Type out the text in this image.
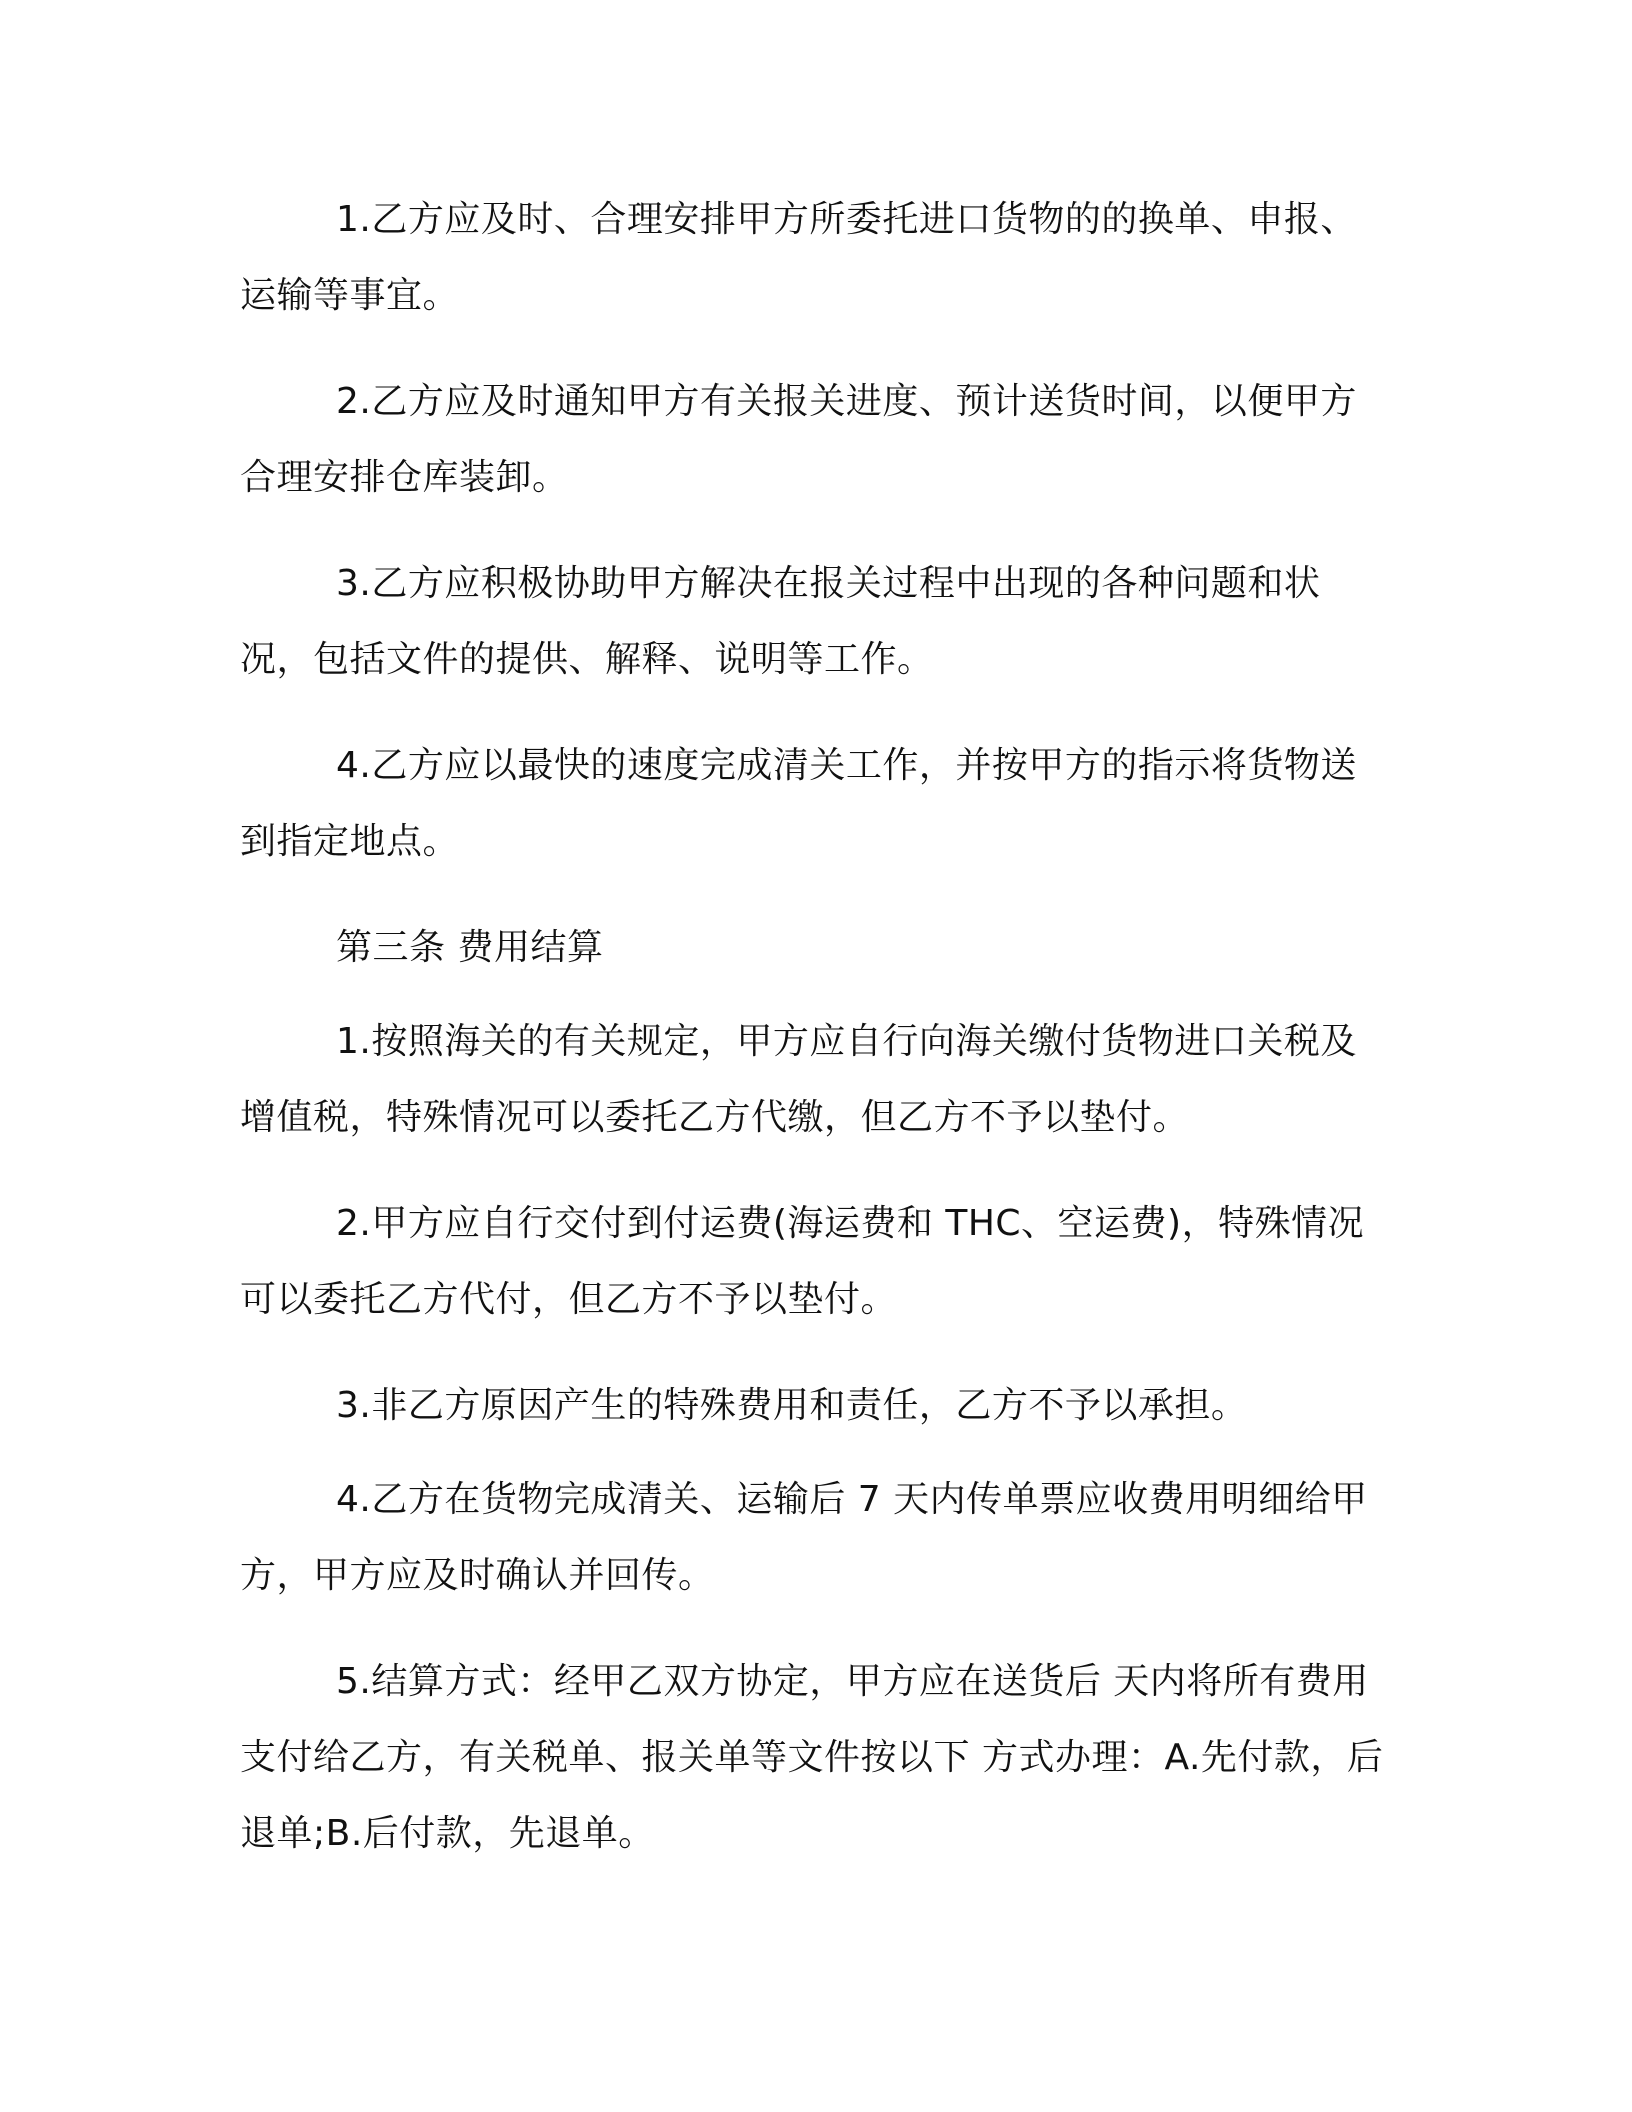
1.乙方应及时、合理安排甲方所委托进口货物的的换单、申报、运输等事宜。

2.乙方应及时通知甲方有关报关进度、预计送货时间，以便甲方合理安排仓库装卸。

3.乙方应积极协助甲方解决在报关过程中出现的各种问题和状况，包括文件的提供、解释、说明等工作。

4.乙方应以最快的速度完成清关工作，并按甲方的指示将货物送到指定地点。

第三条 费用结算

1.按照海关的有关规定，甲方应自行向海关缴付货物进口关税及增值税，特殊情况可以委托乙方代缴，但乙方不予以垫付。

2.甲方应自行交付到付运费(海运费和 THC、空运费)，特殊情况可以委托乙方代付，但乙方不予以垫付。

3.非乙方原因产生的特殊费用和责任，乙方不予以承担。

4.乙方在货物完成清关、运输后 7 天内传单票应收费用明细给甲方，甲方应及时确认并回传。

5.结算方式：经甲乙双方协定，甲方应在送货后 天内将所有费用支付给乙方，有关税单、报关单等文件按以下 方式办理：A.先付款，后退单;B.后付款，先退单。
